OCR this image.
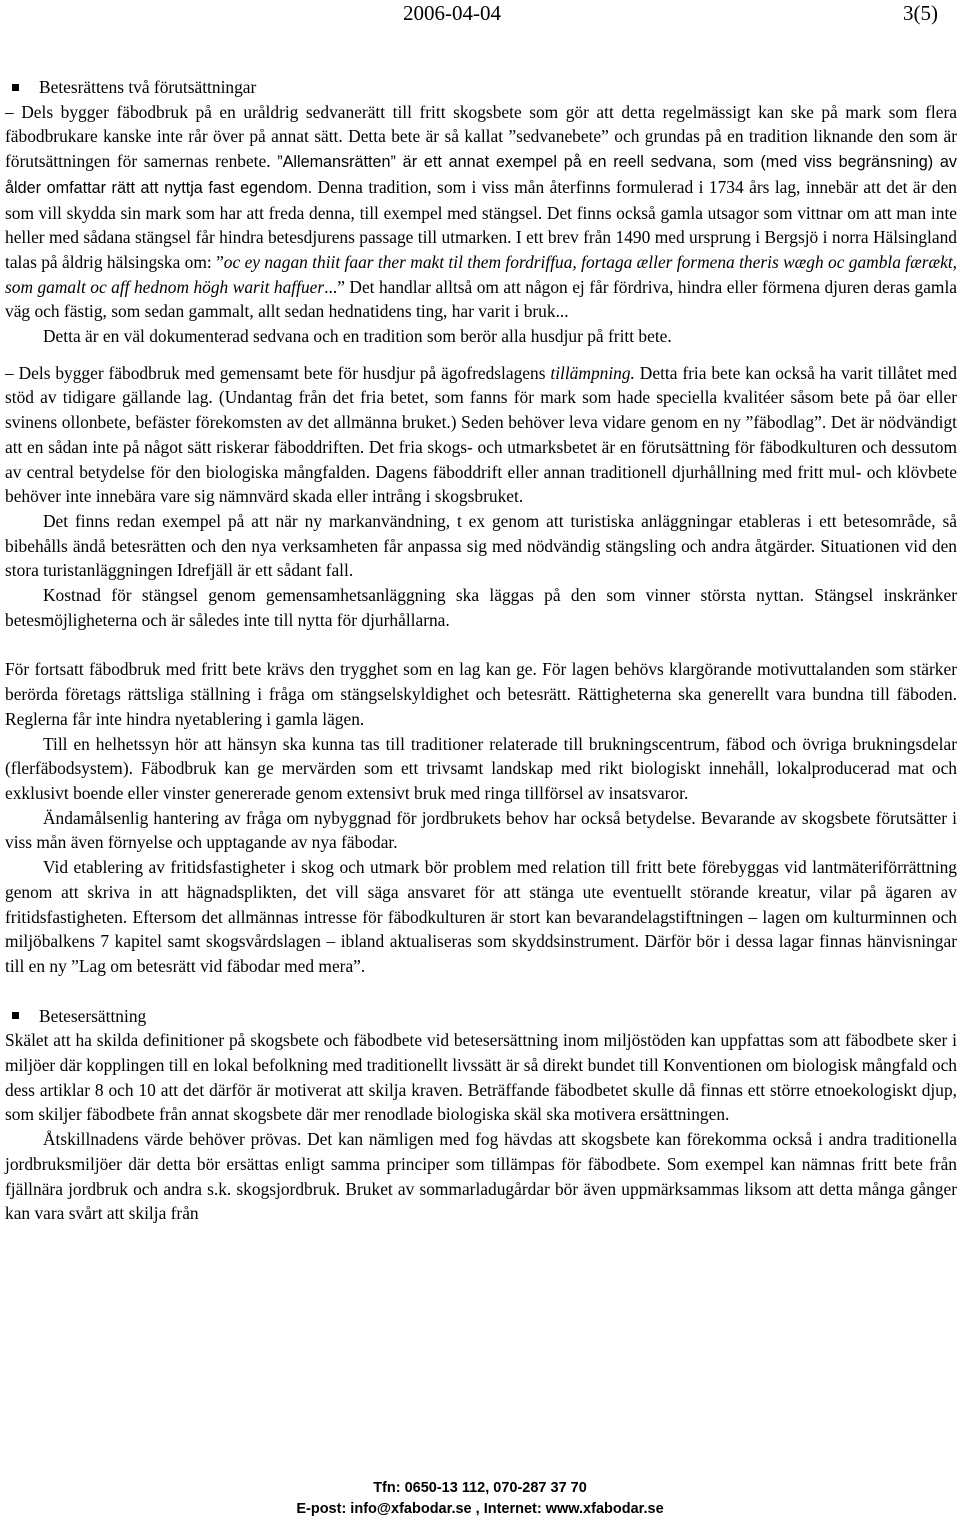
2006-04-04	3(5)
Betesrättens två förutsättningar

– Dels bygger fäbodbruk på en uråldrig sedvanerätt till fritt skogsbete som gör att detta regelmässigt kan ske på mark som flera fäbodbrukare kanske inte rår över på annat sätt. Detta bete är så kallat ”sedvanebete” och grundas på en tradition liknande den som är förutsättningen för samernas renbete. ”Allemansrätten” är ett annat exempel på en reell sedvana, som (med viss begränsning) av ålder omfattar rätt att nyttja fast egendom. Denna tradition, som i viss mån återfinns formulerad i 1734 års lag, innebär att det är den som vill skydda sin mark som har att freda denna, till exempel med stängsel. Det finns också gamla utsagor som vittnar om att man inte heller med sådana stängsel får hindra betesdjurens passage till utmarken. I ett brev från 1490 med ursprung i Bergsjö i norra Hälsingland talas på åldrig hälsingska om: ”oc ey nagan thiit faar ther makt til them fordriffua, fortaga æller formena theris wægh oc gambla færækt, som gamalt oc aff hednom högh warit haffuer...” Det handlar alltså om att någon ej får fördriva, hindra eller förmena djuren deras gamla väg och fästig, som sedan gammalt, allt sedan hednatidens ting, har varit i bruk...

Detta är en väl dokumenterad sedvana och en tradition som berör alla husdjur på fritt bete.

– Dels bygger fäbodbruk med gemensamt bete för husdjur på ägofredslagens tillämpning. Detta fria bete kan också ha varit tillåtet med stöd av tidigare gällande lag. (Undantag från det fria betet, som fanns för mark som hade speciella kvalitéer såsom bete på öar eller svinens ollonbete, befäster förekomsten av det allmänna bruket.) Seden behöver leva vidare genom en ny ”fäbodlag”. Det är nödvändigt att en sådan inte på något sätt riskerar fäboddriften. Det fria skogs- och utmarksbetet är en förutsättning för fäbodkulturen och dessutom av central betydelse för den biologiska mångfalden. Dagens fäboddrift eller annan traditionell djurhållning med fritt mul- och klövbete behöver inte innebära vare sig nämnvärd skada eller intrång i skogsbruket.

Det finns redan exempel på att när ny markanvändning, t ex genom att turistiska anläggningar etableras i ett betesområde, så bibehålls ändå betesrätten och den nya verksamheten får anpassa sig med nödvändig stängsling och andra åtgärder. Situationen vid den stora turistanläggningen Idrefjäll är ett sådant fall.

Kostnad för stängsel genom gemensamhetsanläggning ska läggas på den som vinner största nyttan. Stängsel inskränker betesmöjligheterna och är således inte till nytta för djurhållarna.

För fortsatt fäbodbruk med fritt bete krävs den trygghet som en lag kan ge. För lagen behövs klargörande motivuttalanden som stärker berörda företags rättsliga ställning i fråga om stängselskyldighet och betesrätt. Rättigheterna ska generellt vara bundna till fäboden. Reglerna får inte hindra nyetablering i gamla lägen.

Till en helhetssyn hör att hänsyn ska kunna tas till traditioner relaterade till brukningscentrum, fäbod och övriga brukningsdelar (flerfäbodsystem). Fäbodbruk kan ge mervärden som ett trivsamt landskap med rikt biologiskt innehåll, lokalproducerad mat och exklusivt boende eller vinster genererade genom extensivt bruk med ringa tillförsel av insatsvaror.

Ändamålsenlig hantering av fråga om nybyggnad för jordbrukets behov har också betydelse. Bevarande av skogsbete förutsätter i viss mån även förnyelse och upptagande av nya fäbodar.

Vid etablering av fritidsfastigheter i skog och utmark bör problem med relation till fritt bete förebyggas vid lantmäteriförrättning genom att skriva in att hägnadsplikten, det vill säga ansvaret för att stänga ute eventuellt störande kreatur, vilar på ägaren av fritidsfastigheten. Eftersom det allmännas intresse för fäbodkulturen är stort kan bevarandelagstiftningen – lagen om kulturminnen och miljöbalkens 7 kapitel samt skogsvårdslagen – ibland aktualiseras som skyddsinstrument. Därför bör i dessa lagar finnas hänvisningar till en ny ”Lag om betesrätt vid fäbodar med mera”.

Betesersättning

Skälet att ha skilda definitioner på skogsbete och fäbodbete vid betesersättning inom miljöstöden kan uppfattas som att fäbodbete sker i miljöer där kopplingen till en lokal befolkning med traditionellt livssätt är så direkt bundet till Konventionen om biologisk mångfald och dess artiklar 8 och 10 att det därför är motiverat att skilja kraven. Beträffande fäbodbetet skulle då finnas ett större etnoekologiskt djup, som skiljer fäbodbete från annat skogsbete där mer renodlade biologiska skäl ska motivera ersättningen.

Åtskillnadens värde behöver prövas. Det kan nämligen med fog hävdas att skogsbete kan förekomma också i andra traditionella jordbruksmiljöer där detta bör ersättas enligt samma principer som tillämpas för fäbodbete. Som exempel kan nämnas fritt bete från fjällnära jordbruk och andra s.k. skogsjordbruk. Bruket av sommarladugårdar bör även uppmärksammas liksom att detta många gånger kan vara svårt att skilja från

Tfn: 0650-13 112, 070-287 37 70
E-post: info@xfabodar.se , Internet: www.xfabodar.se
